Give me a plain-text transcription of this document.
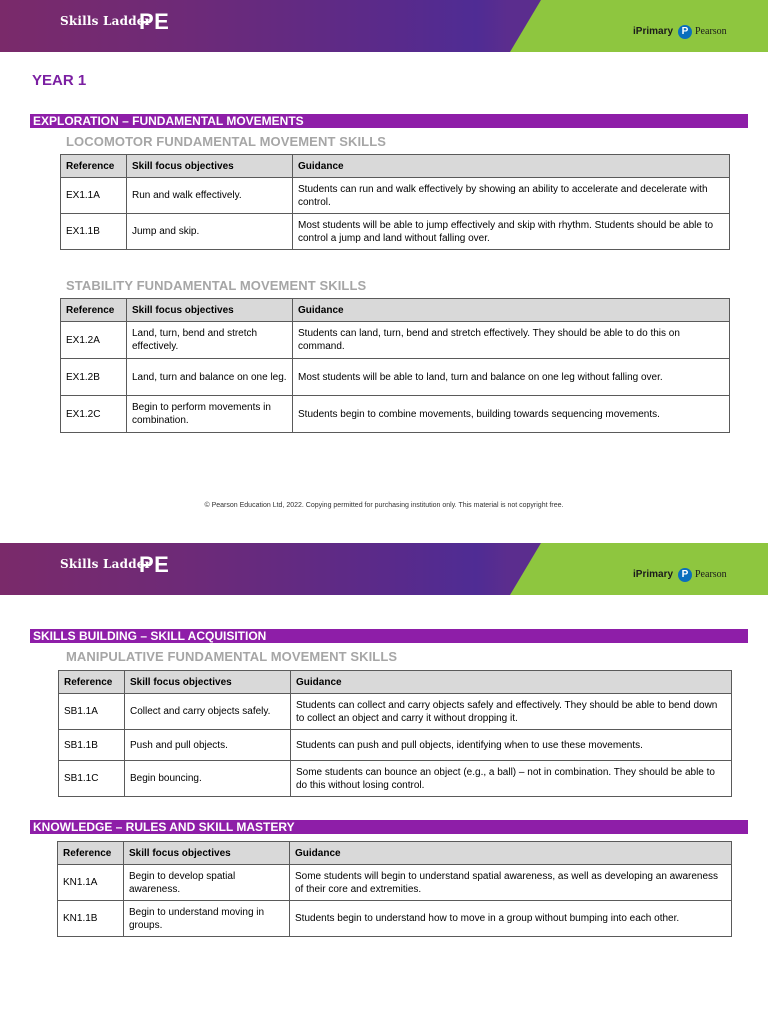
Skills Ladder
PE	iPrimary P Pearson
YEAR 1
EXPLORATION – FUNDAMENTAL MOVEMENTS
LOCOMOTOR FUNDAMENTAL MOVEMENT SKILLS
Reference	Skill focus objectives	Guidance
EX1.1A	Run and walk effectively.	Students can run and walk effectively by showing an ability to accelerate and decelerate with control.
EX1.1B	Jump and skip.	Most students will be able to jump effectively and skip with rhythm. Students should be able to control a jump and land without falling over.
STABILITY FUNDAMENTAL MOVEMENT SKILLS
Reference	Skill focus objectives	Guidance
EX1.2A	Land, turn, bend and stretch effectively.	Students can land, turn, bend and stretch effectively. They should be able to do this on command.
EX1.2B	Land, turn and balance on one leg.	Most students will be able to land, turn and balance on one leg without falling over.
EX1.2C	Begin to perform movements in combination.	Students begin to combine movements, building towards sequencing movements.
© Pearson Education Ltd, 2022. Copying permitted for purchasing institution only. This material is not copyright free.
Skills Ladder
PE	iPrimary P Pearson
SKILLS BUILDING – SKILL ACQUISITION
MANIPULATIVE FUNDAMENTAL MOVEMENT SKILLS
Reference	Skill focus objectives	Guidance
SB1.1A	Collect and carry objects safely.	Students can collect and carry objects safely and effectively. They should be able to bend down to collect an object and carry it without dropping it.
SB1.1B	Push and pull objects.	Students can push and pull objects, identifying when to use these movements.
SB1.1C	Begin bouncing.	Some students can bounce an object (e.g., a ball) – not in combination. They should be able to do this without losing control.
KNOWLEDGE – RULES AND SKILL MASTERY
Reference	Skill focus objectives	Guidance
KN1.1A	Begin to develop spatial awareness.	Some students will begin to understand spatial awareness, as well as developing an awareness of their core and extremities.
KN1.1B	Begin to understand moving in groups.	Students begin to understand how to move in a group without bumping into each other.
